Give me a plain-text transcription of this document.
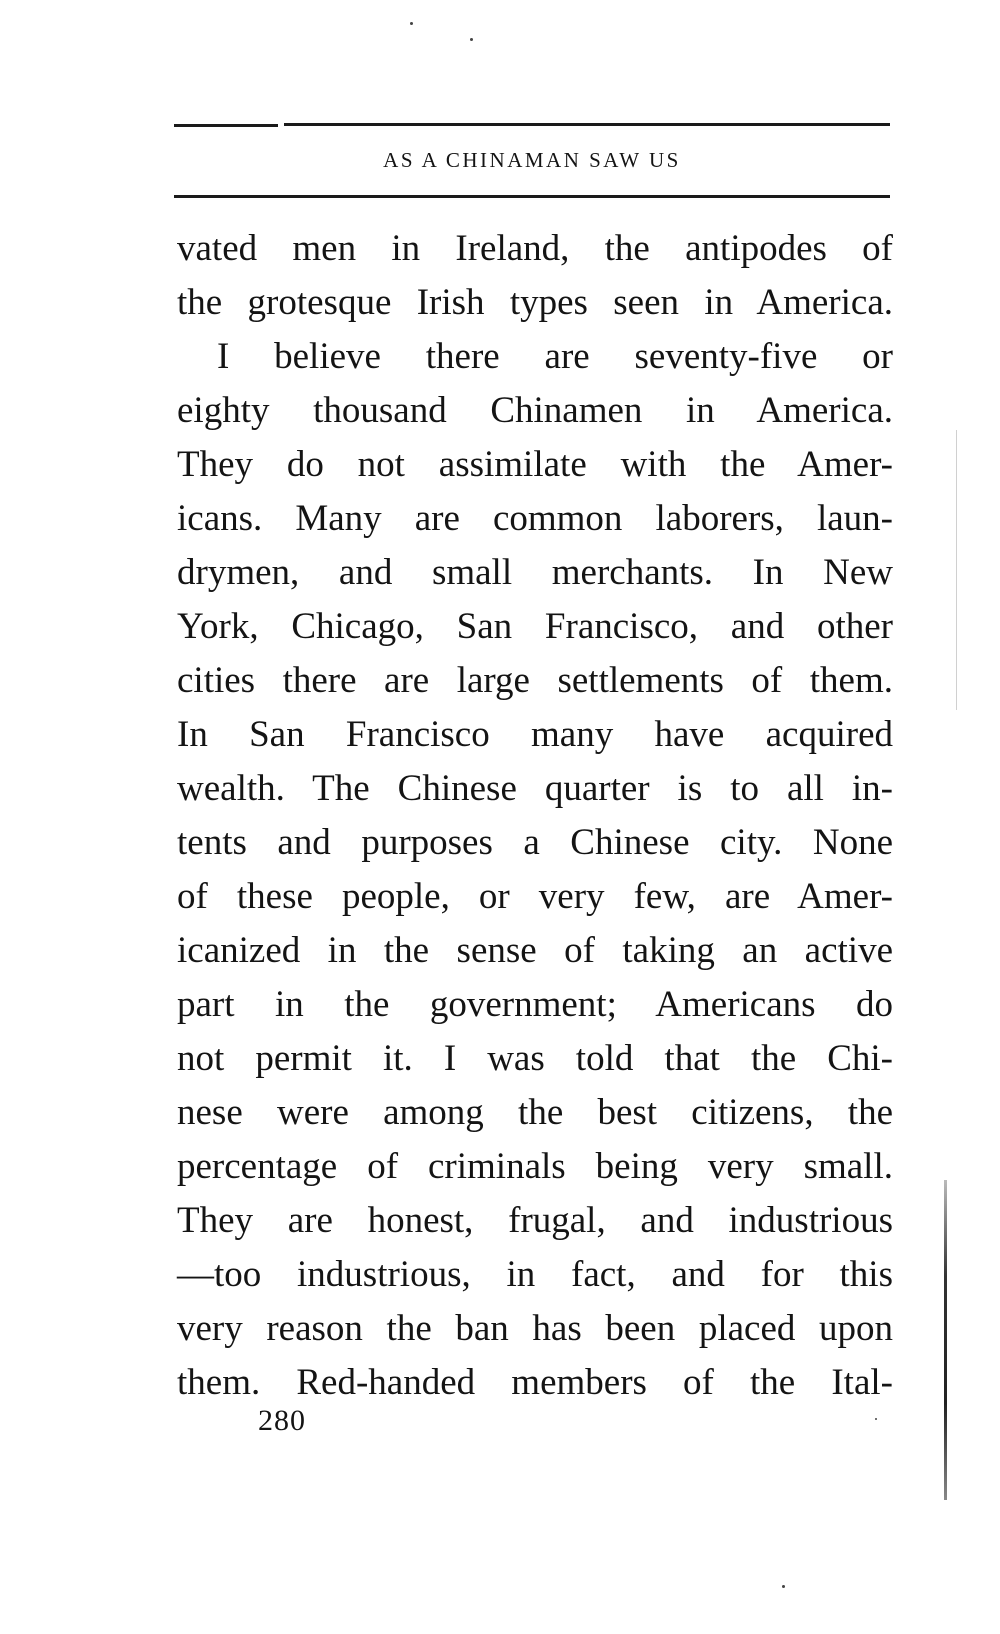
AS A CHINAMAN SAW US
vated men in Ireland, the antipodes of
the grotesque Irish types seen in America.
I believe there are seventy-five or
eighty thousand Chinamen in America.
They do not assimilate with the Amer-
icans. Many are common laborers, laun-
drymen, and small merchants. In New
York, Chicago, San Francisco, and other
cities there are large settlements of them.
In San Francisco many have acquired
wealth. The Chinese quarter is to all in-
tents and purposes a Chinese city. None
of these people, or very few, are Amer-
icanized in the sense of taking an active
part in the government; Americans do
not permit it. I was told that the Chi-
nese were among the best citizens, the
percentage of criminals being very small.
They are honest, frugal, and industrious
—too industrious, in fact, and for this
very reason the ban has been placed upon
them. Red-handed members of the Ital-
280
